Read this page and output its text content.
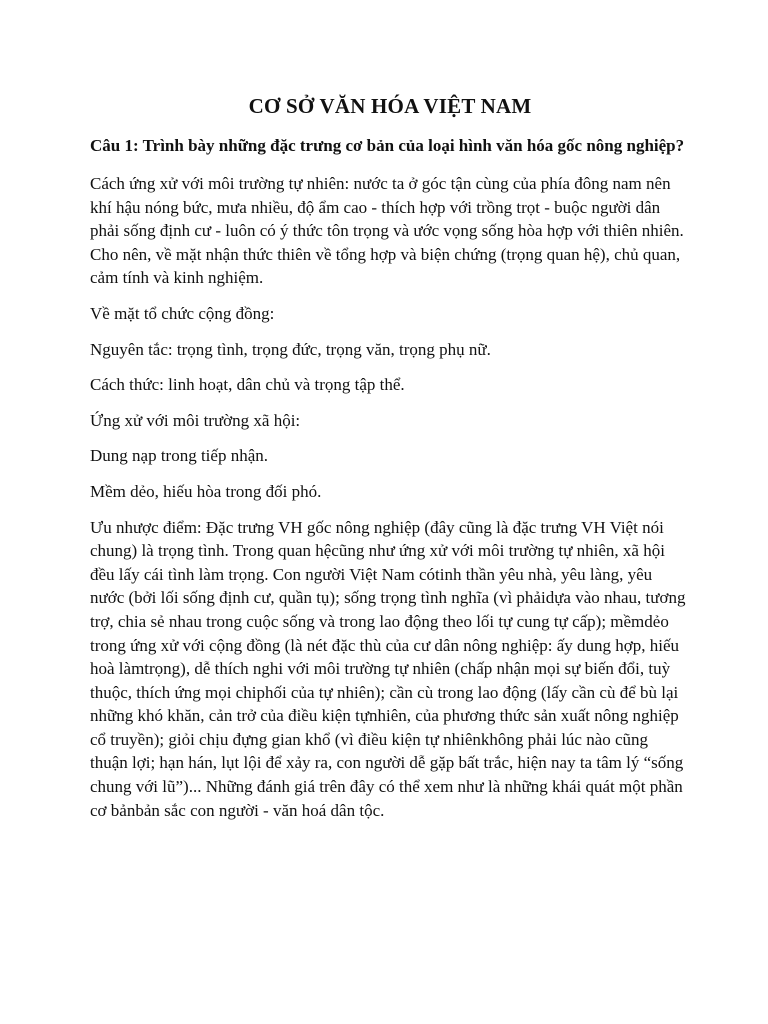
CƠ SỞ VĂN HÓA VIỆT NAM

Câu 1: Trình bày những đặc trưng cơ bản của loại hình văn hóa gốc nông nghiệp?

Cách ứng xử với môi trường tự nhiên: nước ta ở góc tận cùng của phía đông nam nên khí hậu nóng bức, mưa nhiều, độ ẩm cao - thích hợp với trồng trọt - buộc người dân phải sống định cư - luôn có ý thức tôn trọng và ước vọng sống hòa hợp với thiên nhiên. Cho nên, về mặt nhận thức thiên về tổng hợp và biện chứng (trọng quan hệ), chủ quan, cảm tính và kinh nghiệm.

Về mặt tổ chức cộng đồng:

Nguyên tắc: trọng tình, trọng đức, trọng văn, trọng phụ nữ.

Cách thức: linh hoạt, dân chủ và trọng tập thể.

Ứng xử với môi trường xã hội:

Dung nạp trong tiếp nhận.

Mềm dẻo, hiếu hòa trong đối phó.

Ưu nhược điểm: Đặc trưng VH gốc nông nghiệp (đây cũng là đặc trưng VH Việt nói chung) là trọng tình. Trong quan hệcũng như ứng xử với môi trường tự nhiên, xã hội đều lấy cái tình làm trọng. Con người Việt Nam cótinh thần yêu nhà, yêu làng, yêu nước (bởi lối sống định cư, quần tụ); sống trọng tình nghĩa (vì phảidựa vào nhau, tương trợ, chia sẻ nhau trong cuộc sống và trong lao động theo lối tự cung tự cấp); mềmdẻo trong ứng xử với cộng đồng (là nét đặc thù của cư dân nông nghiệp: ấy dung hợp, hiếu hoà làmtrọng), dễ thích nghi với môi trường tự nhiên (chấp nhận mọi sự biến đổi, tuỳ thuộc, thích ứng mọi chiphối của tự nhiên); cần cù trong lao động (lấy cần cù để bù lại những khó khăn, cản trở của điều kiện tựnhiên, của phương thức sản xuất nông nghiệp cổ truyền); giỏi chịu đựng gian khổ (vì điều kiện tự nhiênkhông phải lúc nào cũng thuận lợi; hạn hán, lụt lội để xảy ra, con người dễ gặp bất trắc, hiện nay ta tâm lý “sống chung với lũ”)... Những đánh giá trên đây có thể xem như là những khái quát một phần cơ bảnbản sắc con người - văn hoá dân tộc.
